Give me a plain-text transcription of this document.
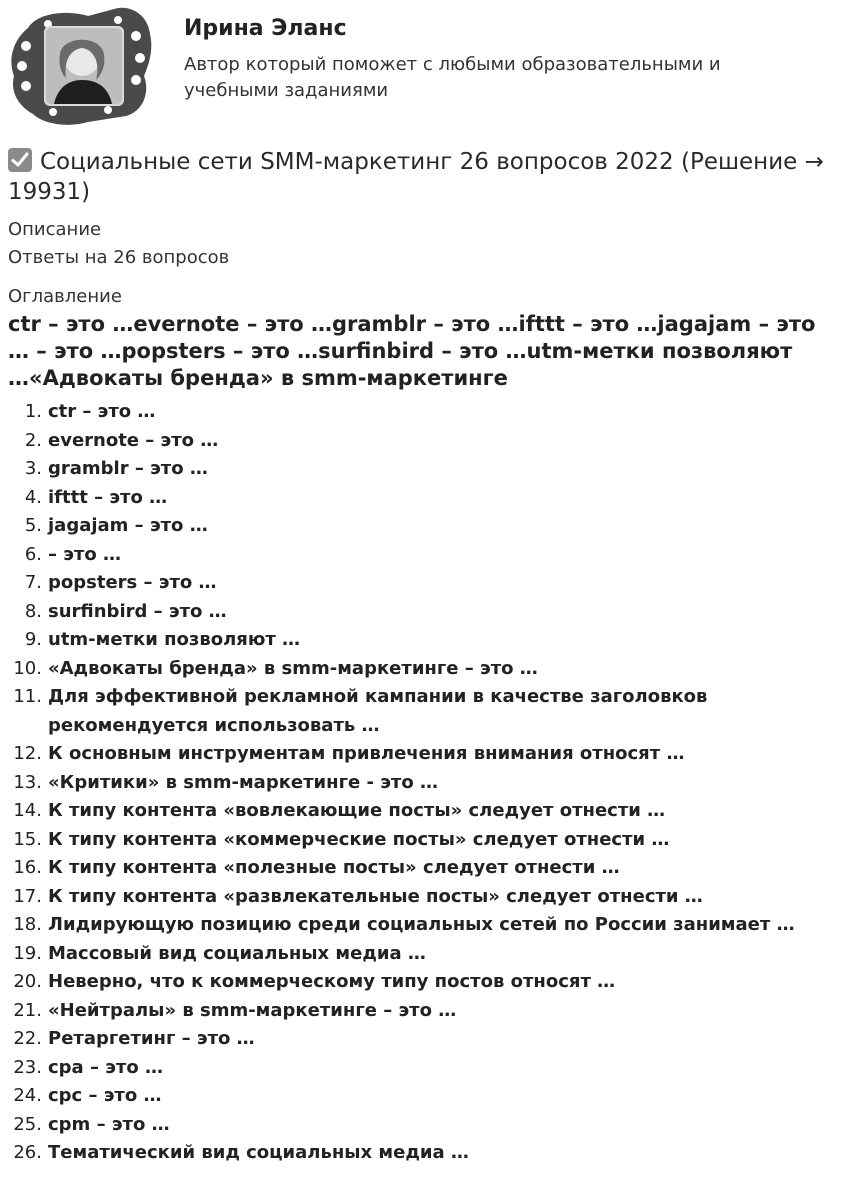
Ирина Эланс
Автор который поможет с любыми образовательными и учебными заданиями
Социальные сети SMM-маркетинг 26 вопросов 2022 (Решение → 19931)
Описание
Ответы на 26 вопросов
Оглавление
ctr – это …evernote – это …gramblr – это …ifttt – это …jagajam – это … – это …popsters – это …surfinbird – это …utm-метки позволяют …«Адвокаты бренда» в smm-маркетинге
1. ctr – это …
2. evernote – это …
3. gramblr – это …
4. ifttt – это …
5. jagajam – это …
6. – это …
7. popsters – это …
8. surfinbird – это …
9. utm-метки позволяют …
10. «Адвокаты бренда» в smm-маркетинге – это …
11. Для эффективной рекламной кампании в качестве заголовков рекомендуется использовать …
12. К основным инструментам привлечения внимания относят …
13. «Критики» в smm-маркетинге - это …
14. К типу контента «вовлекающие посты» следует отнести …
15. К типу контента «коммерческие посты» следует отнести …
16. К типу контента «полезные посты» следует отнести …
17. К типу контента «развлекательные посты» следует отнести …
18. Лидирующую позицию среди социальных сетей по России занимает …
19. Массовый вид социальных медиа …
20. Неверно, что к коммерческому типу постов относят …
21. «Нейтралы» в smm-маркетинге – это …
22. Ретаргетинг – это …
23. cpa – это …
24. cpc – это …
25. cpm – это …
26. Тематический вид социальных медиа …
